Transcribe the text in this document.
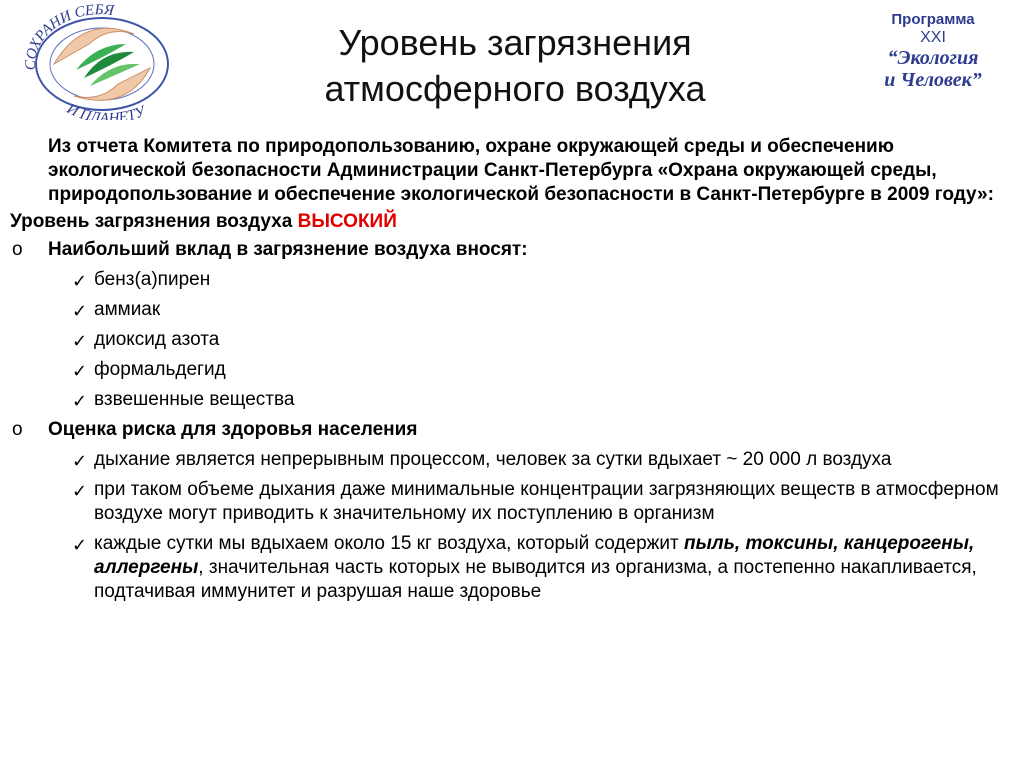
СОХРАНИ СЕБЯ
И ПЛАНЕТУ
Программа
XXI
“Экология
и Человек”
Уровень загрязнения
атмосферного воздуха
Из отчета Комитета по природопользованию, охране окружающей среды и обеспечению экологической безопасности Администрации Санкт-Петербурга «Охрана окружающей среды, природопользование и обеспечение экологической безопасности в Санкт-Петербурге в 2009 году»:
Уровень загрязнения воздуха ВЫСОКИЙ
o Наибольший вклад в загрязнение воздуха вносят:
✓ бенз(а)пирен
✓ аммиак
✓ диоксид азота
✓ формальдегид
✓ взвешенные вещества
o Оценка риска для здоровья населения
✓ дыхание является непрерывным процессом, человек за сутки вдыхает ~ 20 000 л воздуха
✓ при таком объеме дыхания даже минимальные концентрации загрязняющих веществ в атмосферном воздухе могут приводить к значительному их поступлению в организм
✓ каждые сутки мы вдыхаем около 15 кг воздуха, который содержит пыль, токсины, канцерогены, аллергены, значительная часть которых не выводится из организма, а постепенно накапливается, подтачивая иммунитет и разрушая наше здоровье
